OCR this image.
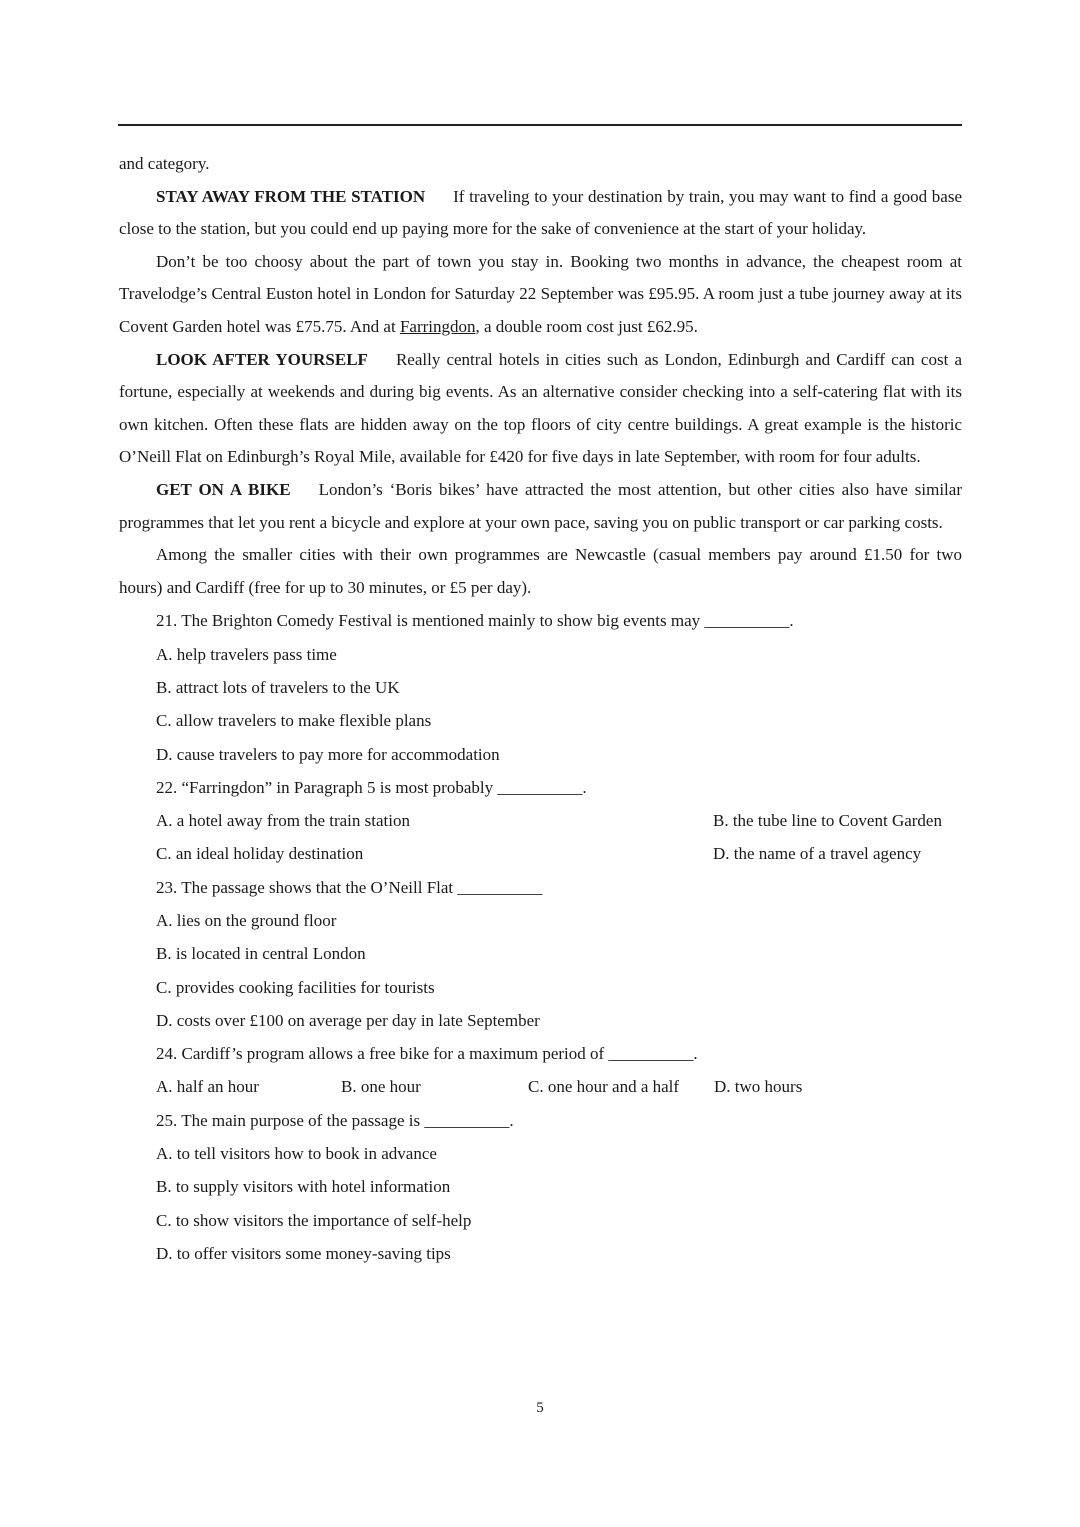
and category.

STAY AWAY FROM THE STATION If traveling to your destination by train, you may want to find a good base close to the station, but you could end up paying more for the sake of convenience at the start of your holiday.

Don’t be too choosy about the part of town you stay in. Booking two months in advance, the cheapest room at Travelodge’s Central Euston hotel in London for Saturday 22 September was £95.95. A room just a tube journey away at its Covent Garden hotel was £75.75. And at Farringdon, a double room cost just £62.95.

LOOK AFTER YOURSELF Really central hotels in cities such as London, Edinburgh and Cardiff can cost a fortune, especially at weekends and during big events. As an alternative consider checking into a self-catering flat with its own kitchen. Often these flats are hidden away on the top floors of city centre buildings. A great example is the historic O’Neill Flat on Edinburgh’s Royal Mile, available for £420 for five days in late September, with room for four adults.

GET ON A BIKE London’s ‘Boris bikes’ have attracted the most attention, but other cities also have similar programmes that let you rent a bicycle and explore at your own pace, saving you on public transport or car parking costs.

Among the smaller cities with their own programmes are Newcastle (casual members pay around £1.50 for two hours) and Cardiff (free for up to 30 minutes, or £5 per day).

21. The Brighton Comedy Festival is mentioned mainly to show big events may __________.

A. help travelers pass time

B. attract lots of travelers to the UK

C. allow travelers to make flexible plans

D. cause travelers to pay more for accommodation

22. “Farringdon” in Paragraph 5 is most probably __________.

A. a hotel away from the train station	B. the tube line to Covent Garden
C. an ideal holiday destination	D. the name of a travel agency

23. The passage shows that the O’Neill Flat __________

A. lies on the ground floor

B. is located in central London

C. provides cooking facilities for tourists

D. costs over £100 on average per day in late September

24. Cardiff’s program allows a free bike for a maximum period of __________.

A. half an hour	B. one hour	C. one hour and a half D. two hours

25. The main purpose of the passage is __________.

A. to tell visitors how to book in advance

B. to supply visitors with hotel information

C. to show visitors the importance of self-help

D. to offer visitors some money-saving tips

5
